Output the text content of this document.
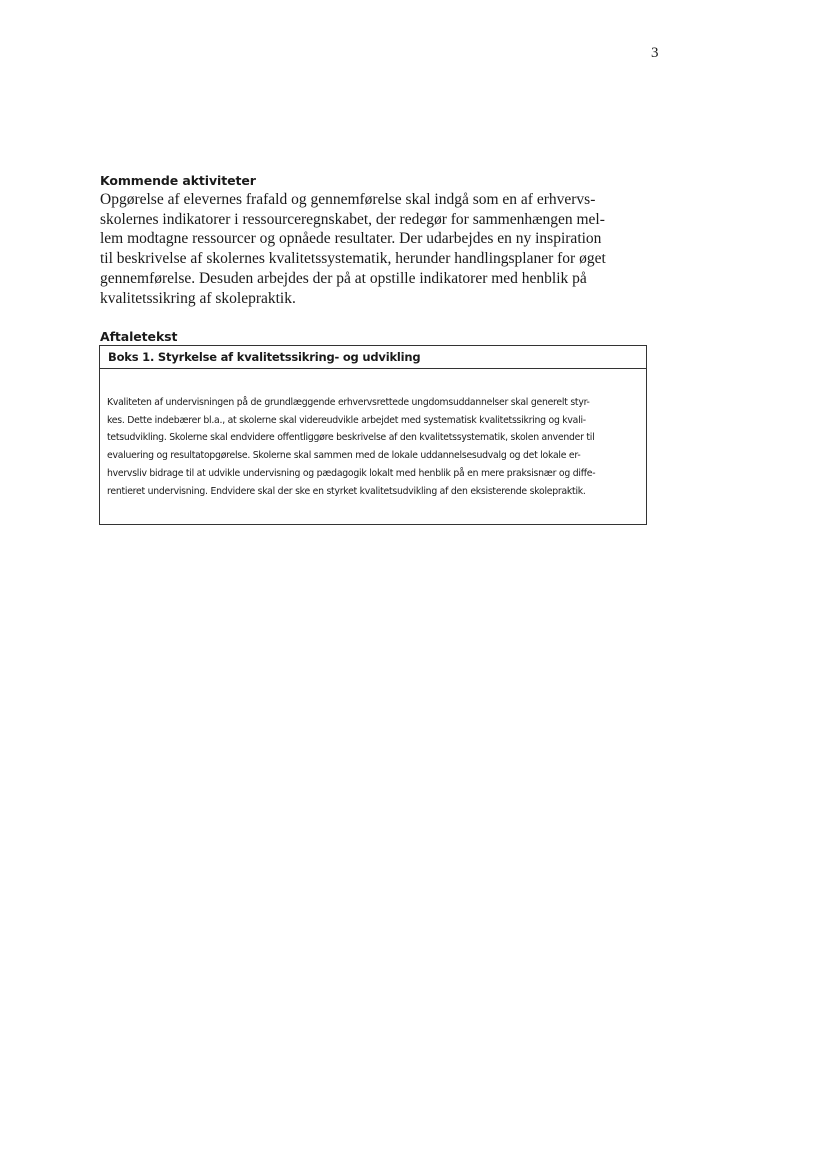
3
Kommende aktiviteter
Opgørelse af elevernes frafald og gennemførelse skal indgå som en af erhvervs-
skolernes indikatorer i ressourceregnskabet, der redegør for sammenhængen mel-
lem modtagne ressourcer og opnåede resultater. Der udarbejdes en ny inspiration
til beskrivelse af skolernes kvalitetssystematik, herunder handlingsplaner for øget
gennemførelse. Desuden arbejdes der på at opstille indikatorer med henblik på
kvalitetssikring af skolepraktik.
Aftaletekst
Boks 1. Styrkelse af kvalitetssikring- og udvikling
Kvaliteten af undervisningen på de grundlæggende erhvervsrettede ungdomsuddannelser skal generelt styr-
kes. Dette indebærer bl.a., at skolerne skal videreudvikle arbejdet med systematisk kvalitetssikring og kvali-
tetsudvikling. Skolerne skal endvidere offentliggøre beskrivelse af den kvalitetssystematik, skolen anvender til
evaluering og resultatopgørelse. Skolerne skal sammen med de lokale uddannelsesudvalg og det lokale er-
hvervsliv bidrage til at udvikle undervisning og pædagogik lokalt med henblik på en mere praksisnær og diffe-
rentieret undervisning. Endvidere skal der ske en styrket kvalitetsudvikling af den eksisterende skolepraktik.
